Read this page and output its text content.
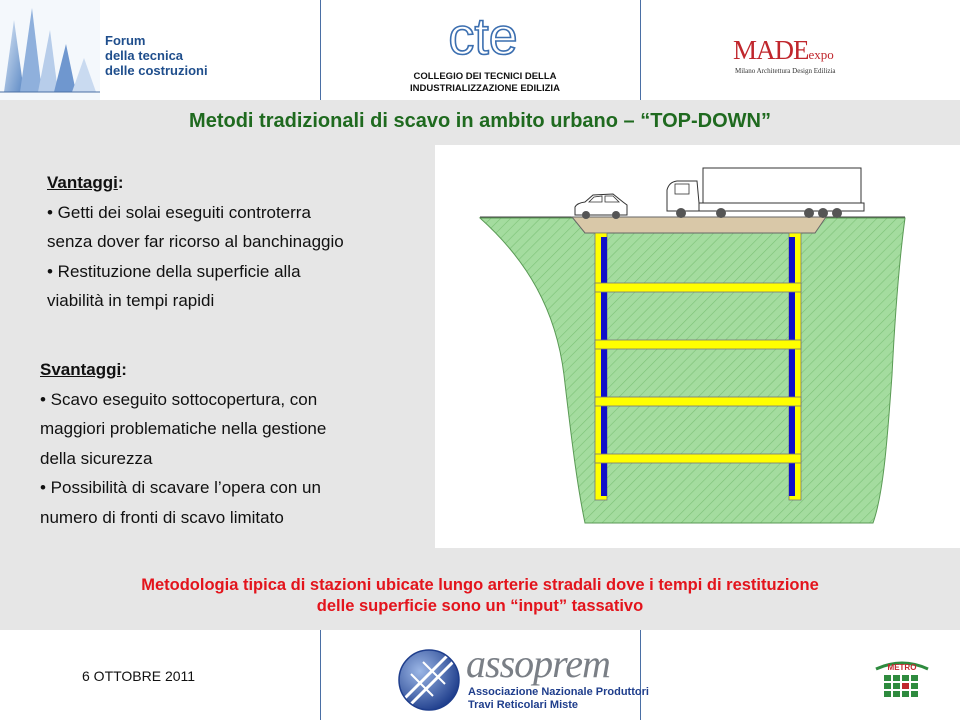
Forum
della tecnica
delle costruzioni
cte
COLLEGIO DEI TECNICI DELLA
INDUSTRIALIZZAZIONE EDILIZIA
MADEexpo
Milano Architettura Design Edilizia
Metodi tradizionali di scavo in ambito urbano – “TOP-DOWN”
Vantaggi:
• Getti dei solai eseguiti controterra
senza dover far ricorso al banchinaggio
• Restituzione della superficie alla
viabilità in tempi rapidi
Svantaggi:
• Scavo eseguito sottocopertura, con
maggiori problematiche nella gestione
della sicurezza
• Possibilità di scavare l’opera con un
numero di fronti di scavo limitato
Metodologia tipica di stazioni ubicate lungo arterie stradali dove i tempi di restituzione
delle superficie sono un “input” tassativo
6 OTTOBRE 2011	assoprem
Associazione Nazionale Produttori
Travi Reticolari Miste
METRO
